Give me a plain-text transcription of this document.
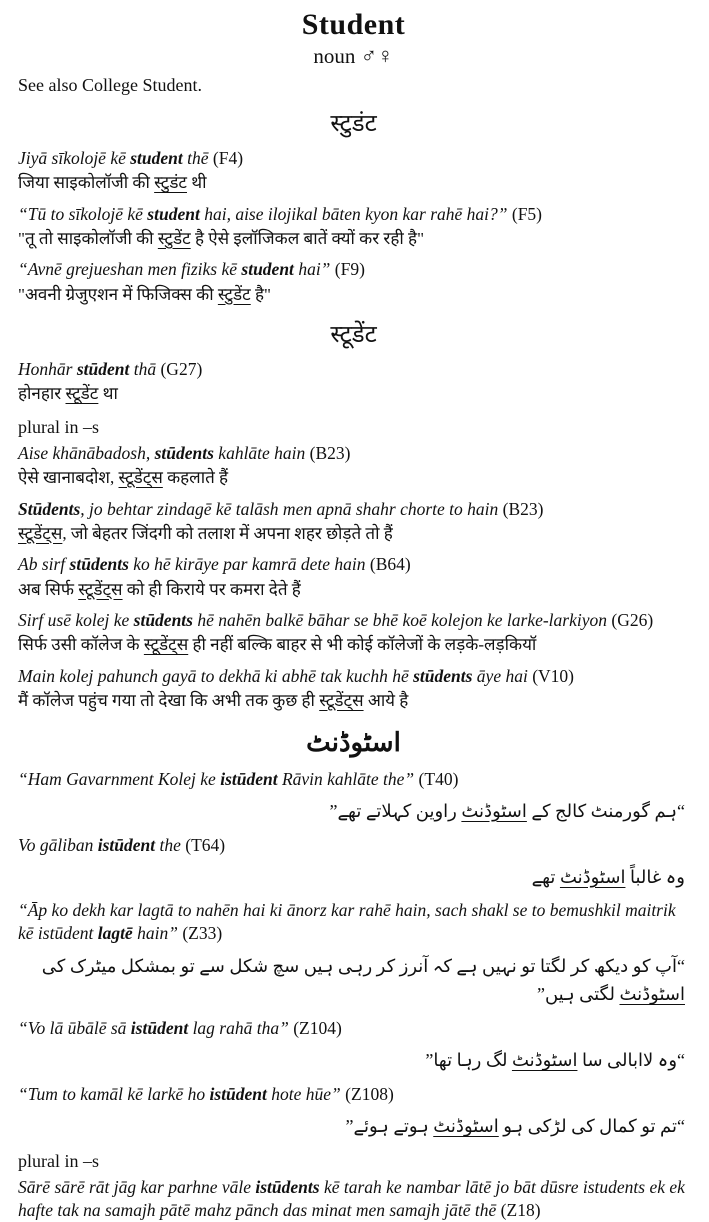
Student
noun ♂♀
See also College Student.
स्टुडंट

Jiyā sīkolojē kē student thē (F4)

जिया साइकोलॉजी की स्टुडंट थी

“Tū to sīkolojē kē student hai, aise ilojikal bāten kyon kar rahē hai?” (F5)

"तू तो साइकोलॉजी की स्टुडेंट है ऐसे इलॉजिकल बातें क्यों कर रही है"

“Avnē grejueshan men fiziks kē student hai” (F9)

"अवनी ग्रेजुएशन में फिजिक्स की स्टुडेंट है"

स्टूडेंट

Honhār stūdent thā (G27)

होनहार स्टूडेंट था

plural in –s

Aise khānābadosh, stūdents kahlāte hain (B23)

ऐसे खानाबदोश, स्टूडेंट्स कहलाते हैं

Stūdents, jo behtar zindagē kē talāsh men apnā shahr chorte to hain (B23)

स्टूडेंट्स, जो बेहतर जिंदगी को तलाश में अपना शहर छोड़ते तो हैं

Ab sirf stūdents ko hē kirāye par kamrā dete hain (B64)

अब सिर्फ स्टूडेंट्स को ही किराये पर कमरा देते हैं

Sirf usē kolej ke stūdents hē nahēn balkē bāhar se bhē koē kolejon ke larke-larkiyon (G26)

सिर्फ उसी कॉलेज के स्टूडेंट्स ही नहीं बल्कि बाहर से भी कोई कॉलेजों के लड़के-लड़कियॉ

Main kolej pahunch gayā to dekhā ki abhē tak kuchh hē stūdents āye hai (V10)

मैं कॉलेज पहुंच गया तो देखा कि अभी तक कुछ ही स्टूडेंट्स आये है

اسٹوڈنٹ

“Ham Gavarnment Kolej ke istūdent Rāvin kahlāte the” (T40)

“ہم گورمنٹ کالج کے اسٹوڈنٹ راوین کہلاتے تھے”

Vo gāliban istūdent the (T64)

وہ غالباً اسٹوڈنٹ تھے

“Āp ko dekh kar lagtā to nahēn hai ki ānorz kar rahē hain, sach shakl se to bemushkil maitrik kē istūdent lagtē hain” (Z33)

“آپ کو دیکھ کر لگتا تو نہیں ہے کہ آنرز کر رہی ہیں سچ شکل سے تو بمشکل میٹرک کی اسٹوڈنٹ لگتی ہیں”

“Vo lā ūbālē sā istūdent lag rahā tha” (Z104)

“وہ لاابالی سا اسٹوڈنٹ لگ رہا تھا”

“Tum to kamāl kē larkē ho istūdent hote hūe” (Z108)

“تم تو کمال کی لڑکی ہو اسٹوڈنٹ ہوتے ہوئے”

plural in –s

Sārē sārē rāt jāg kar parhne vāle istūdents kē tarah ke nambar lātē jo bāt dūsre istudents ek ek hafte tak na samajh pātē mahz pānch das minat men samajh jātē thē (Z18)
